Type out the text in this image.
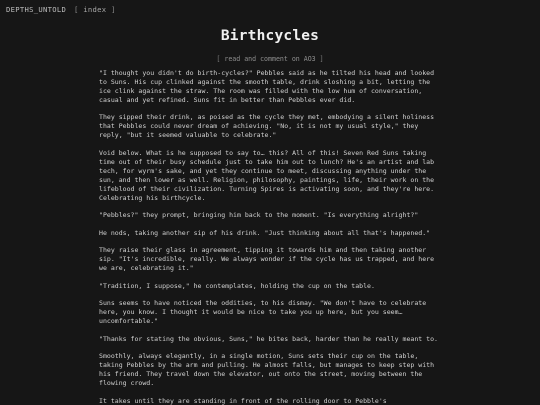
DEPTHS_UNTOLD [ index ]
Birthcycles
[ read and comment on AO3 ]

"I thought you didn't do birth-cycles?" Pebbles said as he tilted his head and looked to Suns. His cup clinked against the smooth table, drink sloshing a bit, letting the ice clink against the straw. The room was filled with the low hum of conversation, casual and yet refined. Suns fit in better than Pebbles ever did.

They sipped their drink, as poised as the cycle they met, embodying a silent holiness that Pebbles could never dream of achieving. "No, it is not my usual style," they reply, "but it seemed valuable to celebrate."

Void below. What is he supposed to say to… this? All of this! Seven Red Suns taking time out of their busy schedule just to take him out to lunch? He's an artist and lab tech, for wyrm's sake, and yet they continue to meet, discussing anything under the sun, and then lower as well. Religion, philosophy, paintings, life, their work on the lifeblood of their civilization. Turning Spires is activating soon, and they're here. Celebrating his birthcycle.

"Pebbles?" they prompt, bringing him back to the moment. "Is everything alright?"

He nods, taking another sip of his drink. "Just thinking about all that's happened."

They raise their glass in agreement, tipping it towards him and then taking another sip. "It's incredible, really. We always wonder if the cycle has us trapped, and here we are, celebrating it."

"Tradition, I suppose," he contemplates, holding the cup on the table.

Suns seems to have noticed the oddities, to his dismay. "We don't have to celebrate here, you know. I thought it would be nice to take you up here, but you seem… uncomfortable."

"Thanks for stating the obvious, Suns," he bites back, harder than he really meant to.

Smoothly, always elegantly, in a single motion, Suns sets their cup on the table, taking Pebbles by the arm and pulling. He almost falls, but manages to keep step with his friend. They travel down the elevator, out onto the street, moving between the flowing crowd.

It takes until they are standing in front of the rolling door to Pebble's
